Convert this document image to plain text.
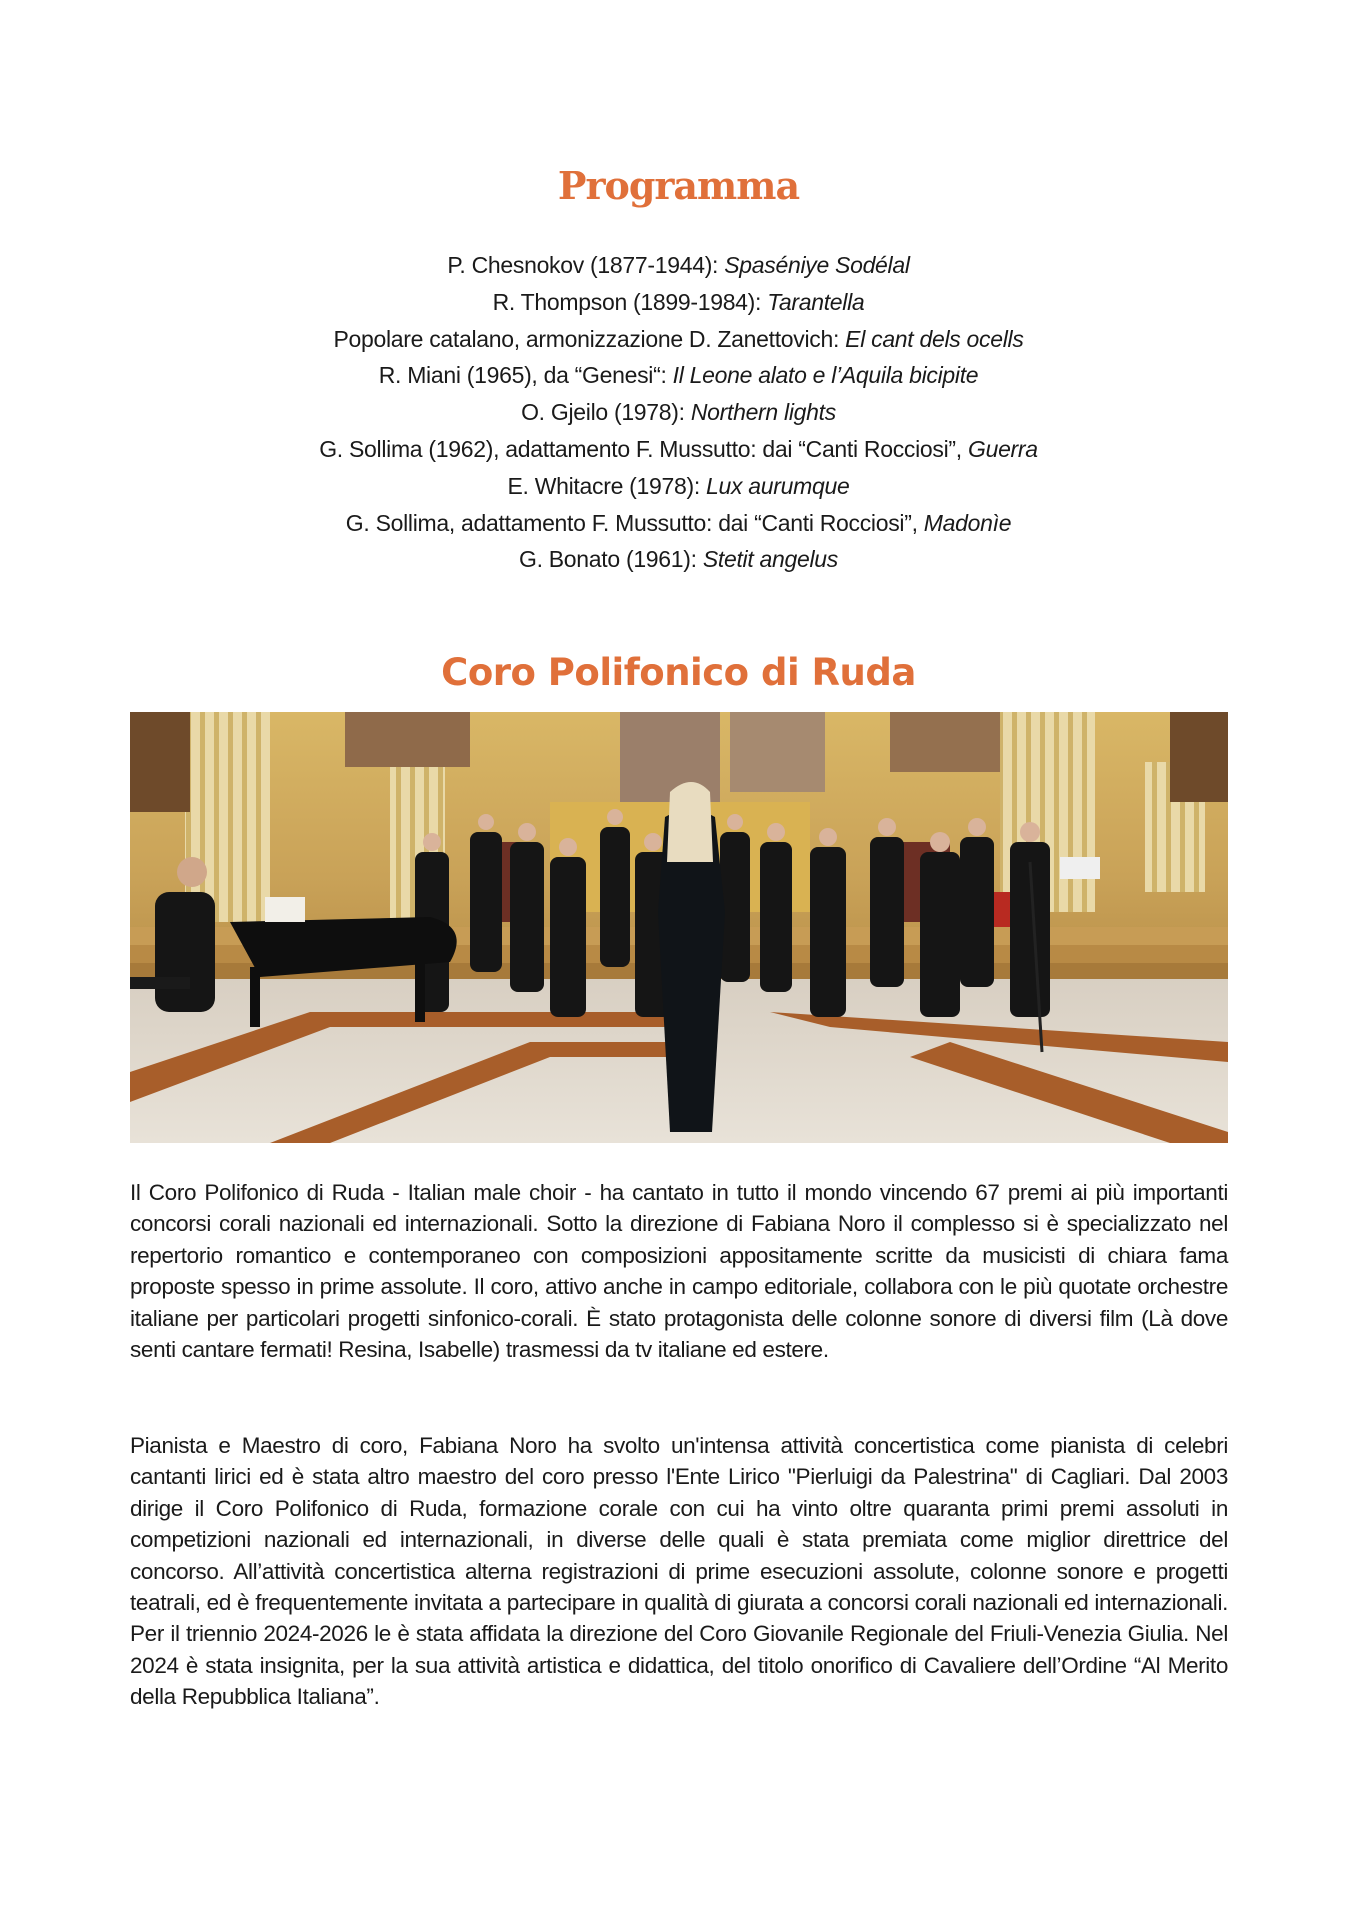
Programma
P. Chesnokov (1877-1944): Spaséniye Sodélal
R. Thompson (1899-1984): Tarantella
Popolare catalano, armonizzazione D. Zanettovich: El cant dels ocells
R. Miani (1965), da “Genesi“: Il Leone alato e l’Aquila bicipite
O. Gjeilo (1978): Northern lights
G. Sollima (1962), adattamento F. Mussutto: dai “Canti Rocciosi”, Guerra
E. Whitacre (1978): Lux aurumque
G. Sollima, adattamento F. Mussutto: dai “Canti Rocciosi”, Madonìe
G. Bonato (1961): Stetit angelus
Coro Polifonico di Ruda

Il Coro Polifonico di Ruda - Italian male choir - ha cantato in tutto il mondo vincendo 67 premi ai più importanti concorsi corali nazionali ed internazionali. Sotto la direzione di Fabiana Noro il complesso si è specializzato nel repertorio romantico e contemporaneo con composizioni appositamente scritte da musicisti di chiara fama proposte spesso in prime assolute. Il coro, attivo anche in campo editoriale, collabora con le più quotate orchestre italiane per particolari progetti sinfonico-corali. È stato protagonista delle colonne sonore di diversi film (Là dove senti cantare fermati! Resina, Isabelle) trasmessi da tv italiane ed estere.

Pianista e Maestro di coro, Fabiana Noro ha svolto un'intensa attività concertistica come pianista di celebri cantanti lirici ed è stata altro maestro del coro presso l'Ente Lirico "Pierluigi da Palestrina" di Cagliari. Dal 2003 dirige il Coro Polifonico di Ruda, formazione corale con cui ha vinto oltre quaranta primi premi assoluti in competizioni nazionali ed internazionali, in diverse delle quali è stata premiata come miglior direttrice del concorso. All’attività concertistica alterna registrazioni di prime esecuzioni assolute, colonne sonore e progetti teatrali, ed è frequentemente invitata a partecipare in qualità di giurata a concorsi corali nazionali ed internazionali. Per il triennio 2024-2026 le è stata affidata la direzione del Coro Giovanile Regionale del Friuli-Venezia Giulia. Nel 2024 è stata insignita, per la sua attività artistica e didattica, del titolo onorifico di Cavaliere dell’Ordine “Al Merito della Repubblica Italiana”.
